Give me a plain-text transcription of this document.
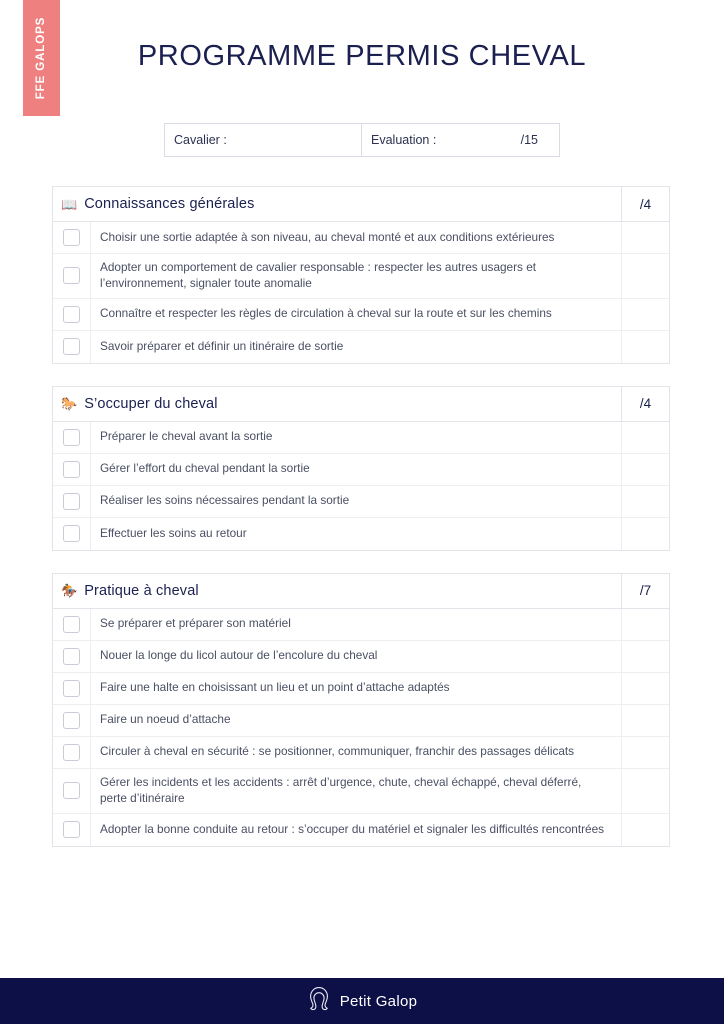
FFE GALOPS	PROGRAMME PERMIS CHEVAL
Cavalier :	Evaluation :	/15
📖 Connaissances générales	/4
Choisir une sortie adaptée à son niveau, au cheval monté et aux conditions extérieures
Adopter un comportement de cavalier responsable : respecter les autres usagers et l’environnement, signaler toute anomalie
Connaître et respecter les règles de circulation à cheval sur la route et sur les chemins
Savoir préparer et définir un itinéraire de sortie
🐎 S’occuper du cheval	/4
Préparer le cheval avant la sortie
Gérer l’effort du cheval pendant la sortie
Réaliser les soins nécessaires pendant la sortie
Effectuer les soins au retour
🏇 Pratique à cheval	/7
Se préparer et préparer son matériel
Nouer la longe du licol autour de l’encolure du cheval
Faire une halte en choisissant un lieu et un point d’attache adaptés
Faire un noeud d’attache
Circuler à cheval en sécurité : se positionner, communiquer, franchir des passages délicats
Gérer les incidents et les accidents : arrêt d’urgence, chute, cheval échappé, cheval déferré, perte d’itinéraire
Adopter la bonne conduite au retour : s’occuper du matériel et signaler les difficultés rencontrées
Petit Galop
